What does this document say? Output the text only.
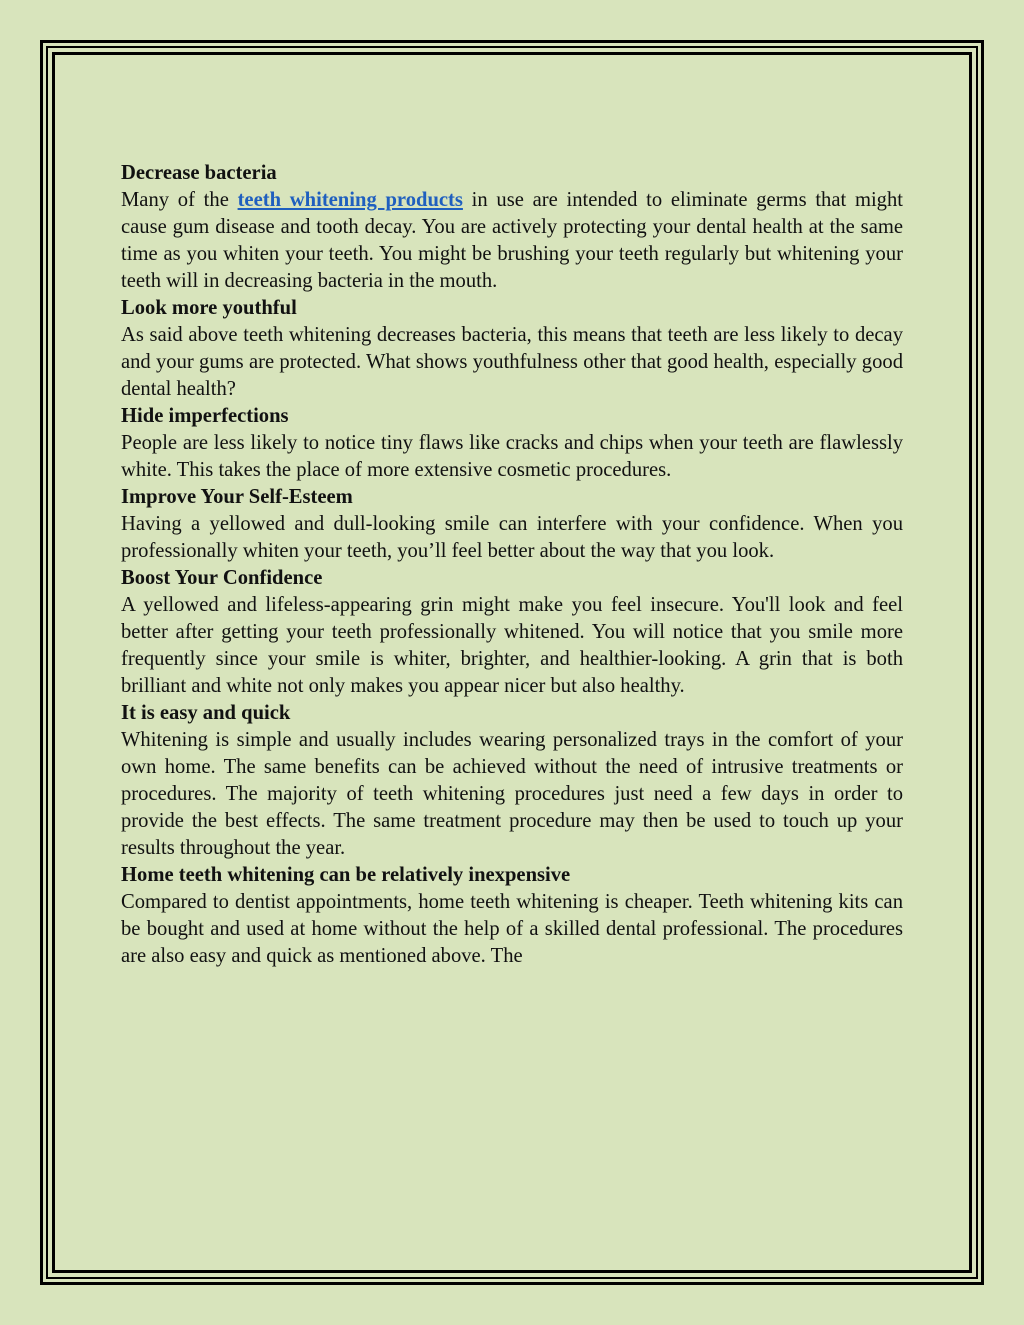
Decrease bacteria

Many of the teeth whitening products in use are intended to eliminate germs that might cause gum disease and tooth decay. You are actively protecting your dental health at the same time as you whiten your teeth. You might be brushing your teeth regularly but whitening your teeth will in decreasing bacteria in the mouth.

Look more youthful

As said above teeth whitening decreases bacteria, this means that teeth are less likely to decay and your gums are protected. What shows youthfulness other that good health, especially good dental health?

Hide imperfections

People are less likely to notice tiny flaws like cracks and chips when your teeth are flawlessly white. This takes the place of more extensive cosmetic procedures.

Improve Your Self-Esteem

Having a yellowed and dull-looking smile can interfere with your confidence. When you professionally whiten your teeth, you’ll feel better about the way that you look.

Boost Your Confidence

A yellowed and lifeless-appearing grin might make you feel insecure. You'll look and feel better after getting your teeth professionally whitened. You will notice that you smile more frequently since your smile is whiter, brighter, and healthier-looking. A grin that is both brilliant and white not only makes you appear nicer but also healthy.

It is easy and quick

Whitening is simple and usually includes wearing personalized trays in the comfort of your own home. The same benefits can be achieved without the need of intrusive treatments or procedures. The majority of teeth whitening procedures just need a few days in order to provide the best effects. The same treatment procedure may then be used to touch up your results throughout the year.

Home teeth whitening can be relatively inexpensive

Compared to dentist appointments, home teeth whitening is cheaper. Teeth whitening kits can be bought and used at home without the help of a skilled dental professional. The procedures are also easy and quick as mentioned above. The
